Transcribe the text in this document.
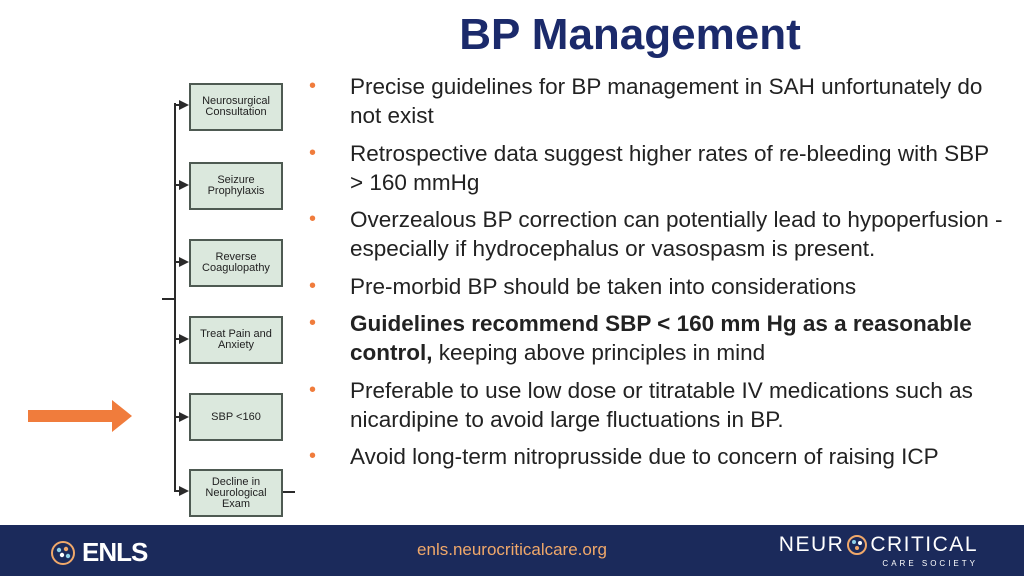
BP Management
Neurosurgical
Consultation
Seizure
Prophylaxis
Reverse
Coagulopathy
Treat Pain and
Anxiety
SBP <160
Decline in
Neurological
Exam
• Precise guidelines for BP management in SAH unfortunately do not exist
• Retrospective data suggest higher rates of re-bleeding with SBP > 160 mmHg
• Overzealous BP correction can potentially lead to hypoperfusion - especially if hydrocephalus or vasospasm is present.
• Pre-morbid BP should be taken into considerations
• Guidelines recommend SBP < 160 mm Hg as a reasonable control, keeping above principles in mind
• Preferable to use low dose or titratable IV medications such as nicardipine to avoid large fluctuations in BP.
• Avoid long-term nitroprusside due to concern of raising ICP
ENLS	enls.neurocriticalcare.org	NEUR CRITICAL
CARE SOCIETY
